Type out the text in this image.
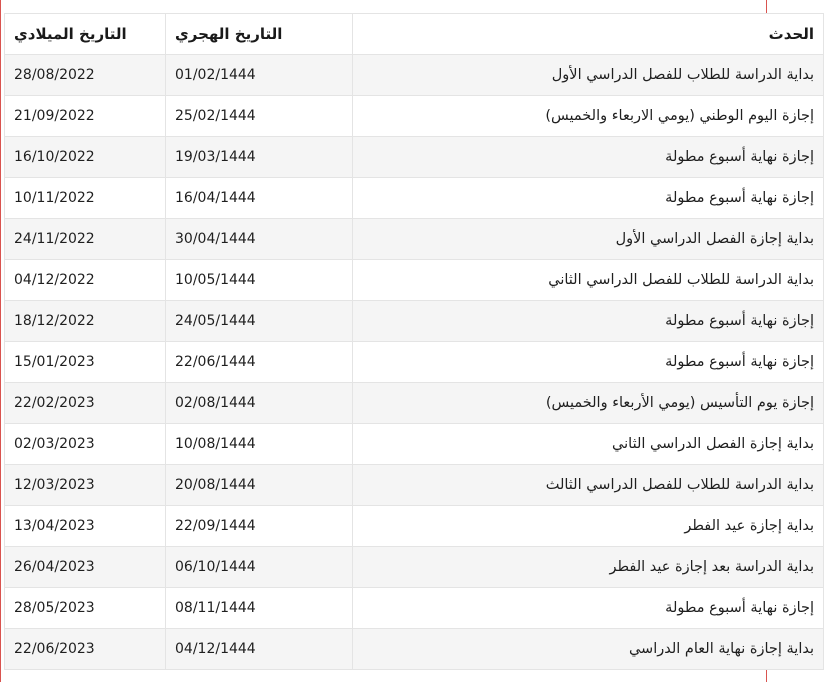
الحدث	التاريخ الهجري	التاريخ الميلادي
بداية الدراسة للطلاب للفصل الدراسي الأول	01/02/1444	28/08/2022
إجازة اليوم الوطني (يومي الاربعاء والخميس)	25/02/1444	21/09/2022
إجازة نهاية أسبوع مطولة	19/03/1444	16/10/2022
إجازة نهاية أسبوع مطولة	16/04/1444	10/11/2022
بداية إجازة الفصل الدراسي الأول	30/04/1444	24/11/2022
بداية الدراسة للطلاب للفصل الدراسي الثاني	10/05/1444	04/12/2022
إجازة نهاية أسبوع مطولة	24/05/1444	18/12/2022
إجازة نهاية أسبوع مطولة	22/06/1444	15/01/2023
إجازة يوم التأسيس (يومي الأربعاء والخميس)	02/08/1444	22/02/2023
بداية إجازة الفصل الدراسي الثاني	10/08/1444	02/03/2023
بداية الدراسة للطلاب للفصل الدراسي الثالث	20/08/1444	12/03/2023
بداية إجازة عيد الفطر	22/09/1444	13/04/2023
بداية الدراسة بعد إجازة عيد الفطر	06/10/1444	26/04/2023
إجازة نهاية أسبوع مطولة	08/11/1444	28/05/2023
بداية إجازة نهاية العام الدراسي	04/12/1444	22/06/2023
